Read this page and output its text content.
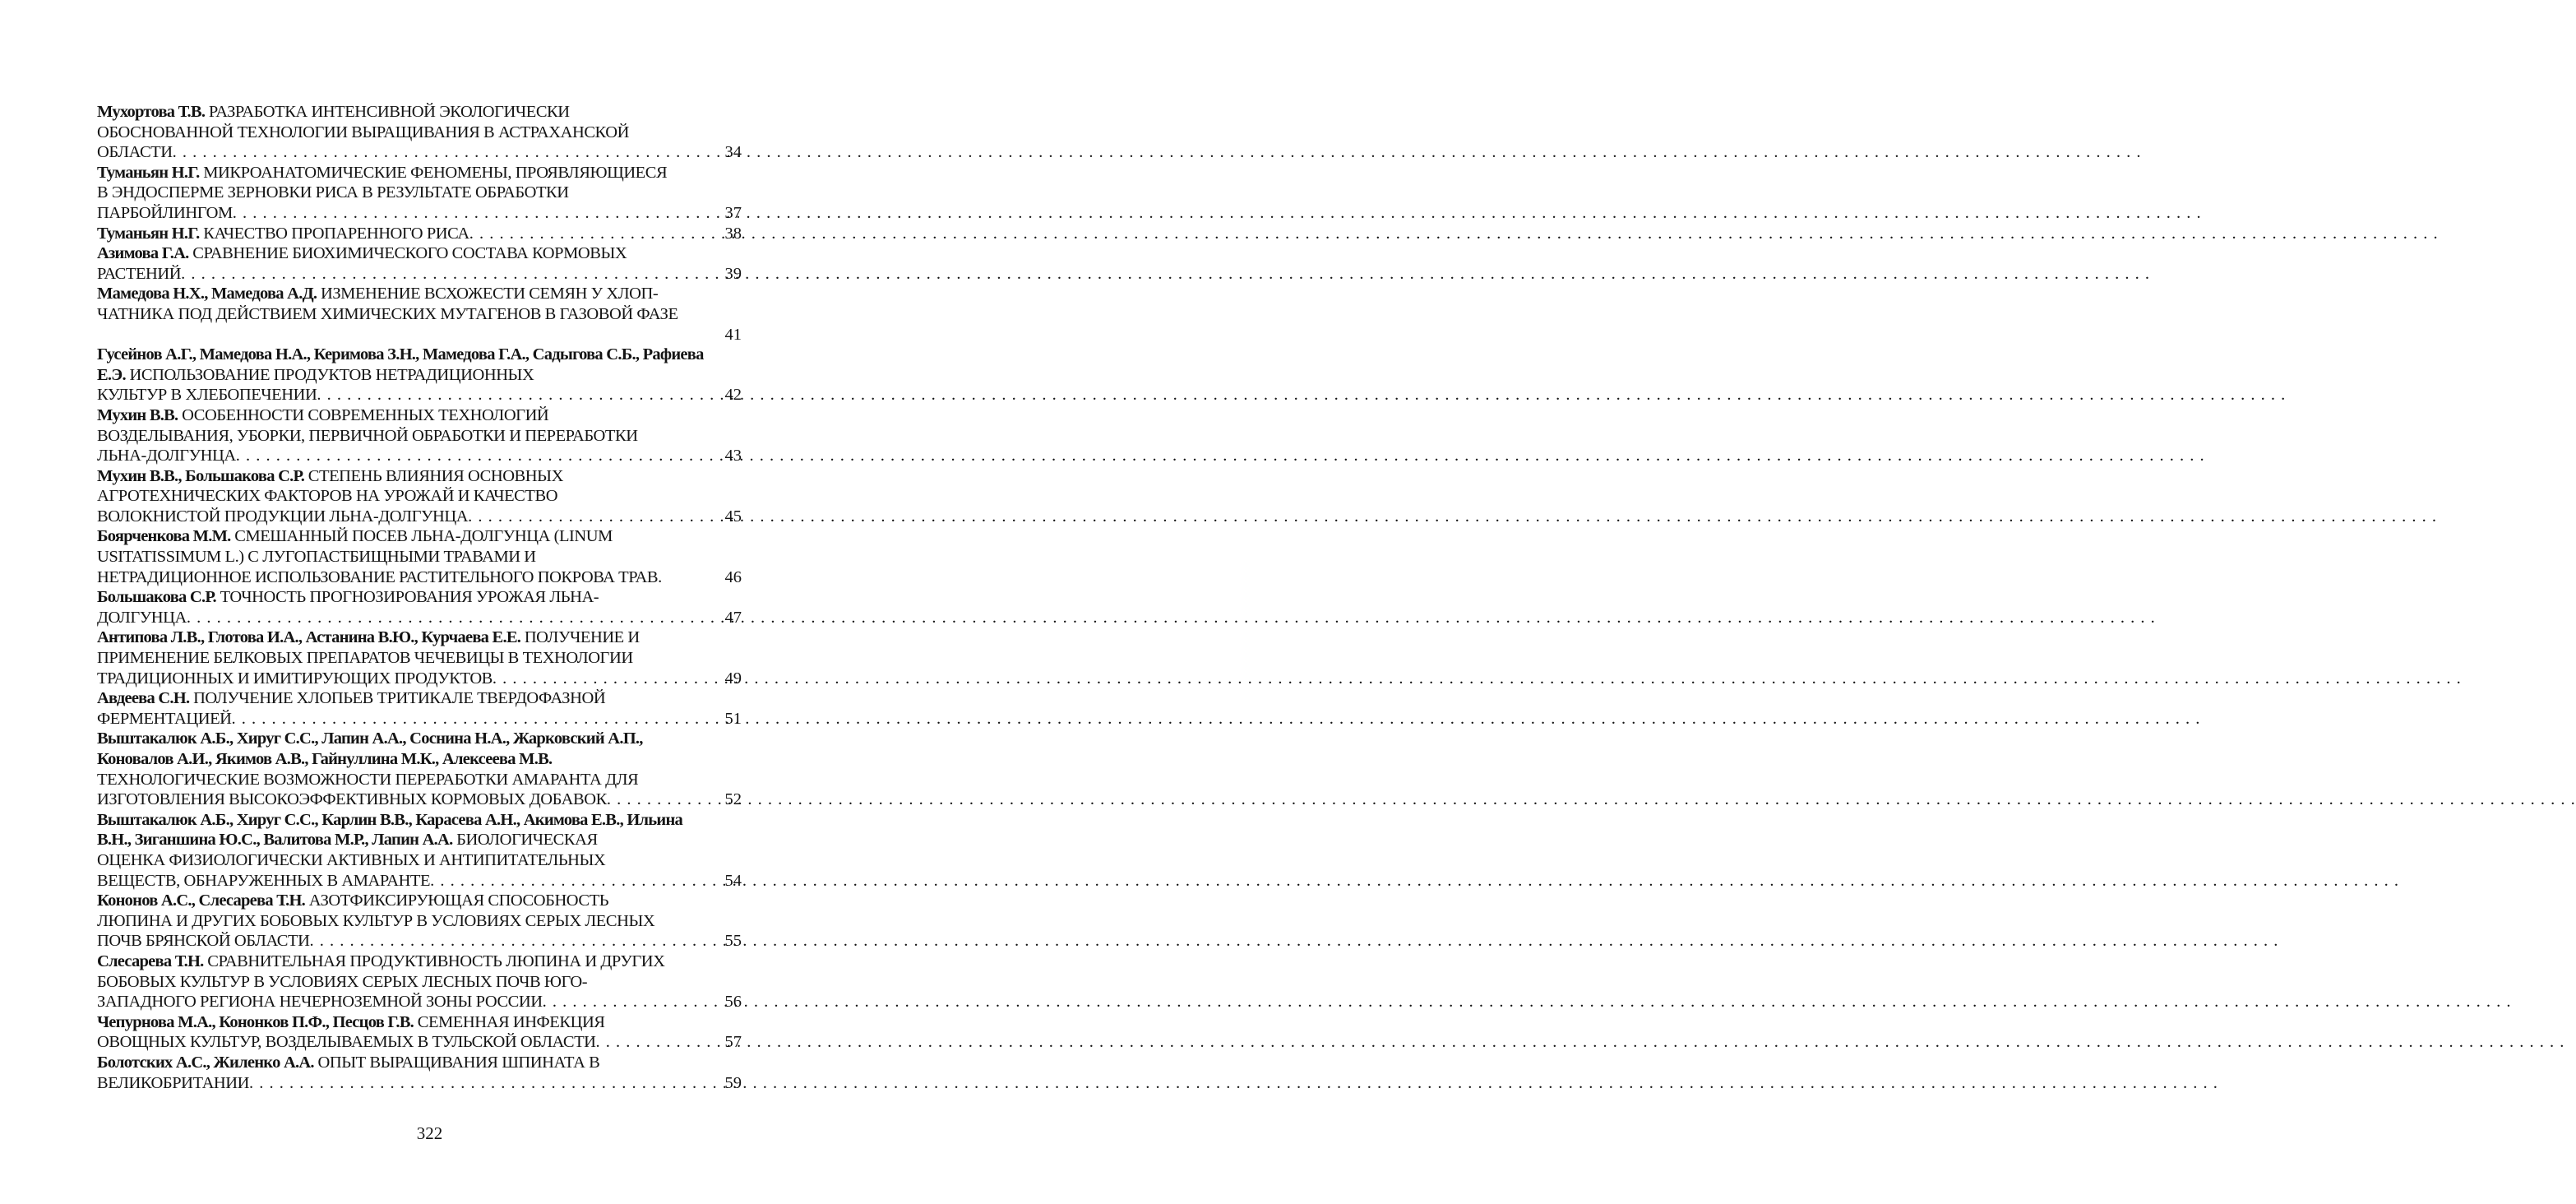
Мухортова Т.В. РАЗРАБОТКА ИНТЕНСИВНОЙ ЭКОЛОГИЧЕСКИ
ОБОСНОВАННОЙ ТЕХНОЛОГИИ ВЫРАЩИВАНИЯ В АСТРАХАНСКОЙ
ОБЛАСТИ . . .	34
Туманьян Н.Г. МИКРОАНАТОМИЧЕСКИЕ ФЕНОМЕНЫ, ПРОЯВЛЯЮЩИЕСЯ
В ЭНДОСПЕРМЕ ЗЕРНОВКИ РИСА В РЕЗУЛЬТАТЕ ОБРАБОТКИ
ПАРБОЙЛИНГОМ . . .	37
Туманьян Н.Г. КАЧЕСТВО ПРОПАРЕННОГО РИСА . . .	38
Азимова Г.А. СРАВНЕНИЕ БИОХИМИЧЕСКОГО СОСТАВА КОРМОВЫХ
РАСТЕНИЙ . . .	39
Мамедова Н.Х., Мамедова А.Д. ИЗМЕНЕНИЕ ВСХОЖЕСТИ СЕМЯН У ХЛОП-
ЧАТНИКА ПОД ДЕЙСТВИЕМ ХИМИЧЕСКИХ МУТАГЕНОВ В ГАЗОВОЙ ФАЗЕ
41
Гусейнов А.Г., Мамедова Н.А., Керимова З.Н., Мамедова Г.А., Садыгова С.Б., Рафиева Е.Э. ИСПОЛЬЗОВАНИЕ ПРОДУКТОВ НЕТРАДИЦИОННЫХ
КУЛЬТУР В ХЛЕБОПЕЧЕНИИ . . .	42
Мухин В.В. ОСОБЕННОСТИ СОВРЕМЕННЫХ ТЕХНОЛОГИЙ
ВОЗДЕЛЫВАНИЯ, УБОРКИ, ПЕРВИЧНОЙ ОБРАБОТКИ И ПЕРЕРАБОТКИ
ЛЬНА-ДОЛГУНЦА . . .	43
Мухин В.В., Большакова С.Р. СТЕПЕНЬ ВЛИЯНИЯ ОСНОВНЫХ
АГРОТЕХНИЧЕСКИХ ФАКТОРОВ НА УРОЖАЙ И КАЧЕСТВО
ВОЛОКНИСТОЙ ПРОДУКЦИИ ЛЬНА-ДОЛГУНЦА . . .	45
Боярченкова М.М. СМЕШАННЫЙ ПОСЕВ ЛЬНА-ДОЛГУНЦА (LINUM
USITATISSIMUM L.) С ЛУГОПАСТБИЩНЫМИ ТРАВАМИ И
НЕТРАДИЦИОННОЕ ИСПОЛЬЗОВАНИЕ РАСТИТЕЛЬНОГО ПОКРОВА ТРАВ.	46
Большакова С.Р. ТОЧНОСТЬ ПРОГНОЗИРОВАНИЯ УРОЖАЯ ЛЬНА-
ДОЛГУНЦА . . .	47
Антипова Л.В., Глотова И.А., Астанина В.Ю., Курчаева Е.Е. ПОЛУЧЕНИЕ И
ПРИМЕНЕНИЕ БЕЛКОВЫХ ПРЕПАРАТОВ ЧЕЧЕВИЦЫ В ТЕХНОЛОГИИ
ТРАДИЦИОННЫХ И ИМИТИРУЮЩИХ ПРОДУКТОВ . . .	49
Авдеева С.Н. ПОЛУЧЕНИЕ ХЛОПЬЕВ ТРИТИКАЛЕ ТВЕРДОФАЗНОЙ
ФЕРМЕНТАЦИЕЙ . . .	51
Выштакалюк А.Б., Хируг С.С., Лапин А.А., Соснина Н.А., Жарковский А.П., Коновалов А.И., Якимов А.В., Гайнуллина М.К., Алексеева М.В.
ТЕХНОЛОГИЧЕСКИЕ ВОЗМОЖНОСТИ ПЕРЕРАБОТКИ АМАРАНТА ДЛЯ
ИЗГОТОВЛЕНИЯ ВЫСОКОЭФФЕКТИВНЫХ КОРМОВЫХ ДОБАВОК . . .	52
Выштакалюк А.Б., Хируг С.С., Карлин В.В., Карасева А.Н., Акимова Е.В., Ильина В.Н., Зиганшина Ю.С., Валитова М.Р., Лапин А.А. БИОЛОГИЧЕСКАЯ
ОЦЕНКА ФИЗИОЛОГИЧЕСКИ АКТИВНЫХ И АНТИПИТАТЕЛЬНЫХ
ВЕЩЕСТВ, ОБНАРУЖЕННЫХ В АМАРАНТЕ . . .	54
Кононов А.С., Слесарева Т.Н. АЗОТФИКСИРУЮЩАЯ СПОСОБНОСТЬ
ЛЮПИНА И ДРУГИХ БОБОВЫХ КУЛЬТУР В УСЛОВИЯХ СЕРЫХ ЛЕСНЫХ
ПОЧВ БРЯНСКОЙ ОБЛАСТИ . . .	55
Слесарева Т.Н. СРАВНИТЕЛЬНАЯ ПРОДУКТИВНОСТЬ ЛЮПИНА И ДРУГИХ
БОБОВЫХ КУЛЬТУР В УСЛОВИЯХ СЕРЫХ ЛЕСНЫХ ПОЧВ ЮГО-
ЗАПАДНОГО РЕГИОНА НЕЧЕРНОЗЕМНОЙ ЗОНЫ РОССИИ . . .	56
Чепурнова М.А., Кононков П.Ф., Песцов Г.В. СЕМЕННАЯ ИНФЕКЦИЯ
ОВОЩНЫХ КУЛЬТУР, ВОЗДЕЛЫВАЕМЫХ В ТУЛЬСКОЙ ОБЛАСТИ . . .	57
Болотских А.С., Жиленко А.А. ОПЫТ ВЫРАЩИВАНИЯ ШПИНАТА В
ВЕЛИКОБРИТАНИИ . . .	59
322
